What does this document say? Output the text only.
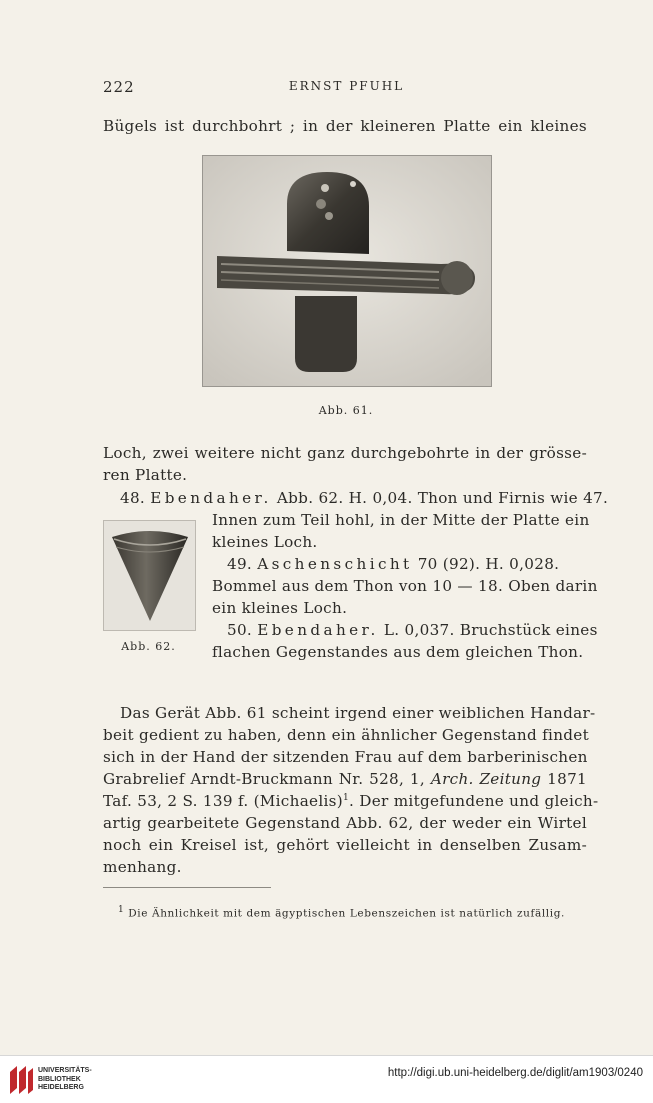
222	ERNST PFUHL
Bügels ist durchbohrt ; in der kleineren Platte ein kleines
Abb. 61.
Loch, zwei weitere nicht ganz durchgebohrte in der grösse-
ren Platte.
48. Ebendaher. Abb. 62. H. 0,04. Thon und Firnis wie 47.
Innen zum Teil hohl, in der Mitte der Platte ein
kleines Loch.
49. Aschenschicht 70 (92). H. 0,028.
Bommel aus dem Thon von 10 — 18. Oben darin
ein kleines Loch.
50. Ebendaher. L. 0,037. Bruchstück eines
flachen Gegenstandes aus dem gleichen Thon.
Abb. 62.
Das Gerät Abb. 61 scheint irgend einer weiblichen Handar-
beit gedient zu haben, denn ein ähnlicher Gegenstand findet
sich in der Hand der sitzenden Frau auf dem barberinischen
Grabrelief Arndt-Bruckmann Nr. 528, 1, Arch. Zeitung 1871
Taf. 53, 2 S. 139 f. (Michaelis)$^1$. Der mitgefundene und gleich-
artig gearbeitete Gegenstand Abb. 62, der weder ein Wirtel
noch ein Kreisel ist, gehört vielleicht in denselben Zusam-
menhang.
$^1$ Die Ähnlichkeit mit dem ägyptischen Lebenszeichen ist natürlich zufällig.
UNIVERSITÄTS-
BIBLIOTHEK
HEIDELBERG
http://digi.ub.uni-heidelberg.de/diglit/am1903/0240
